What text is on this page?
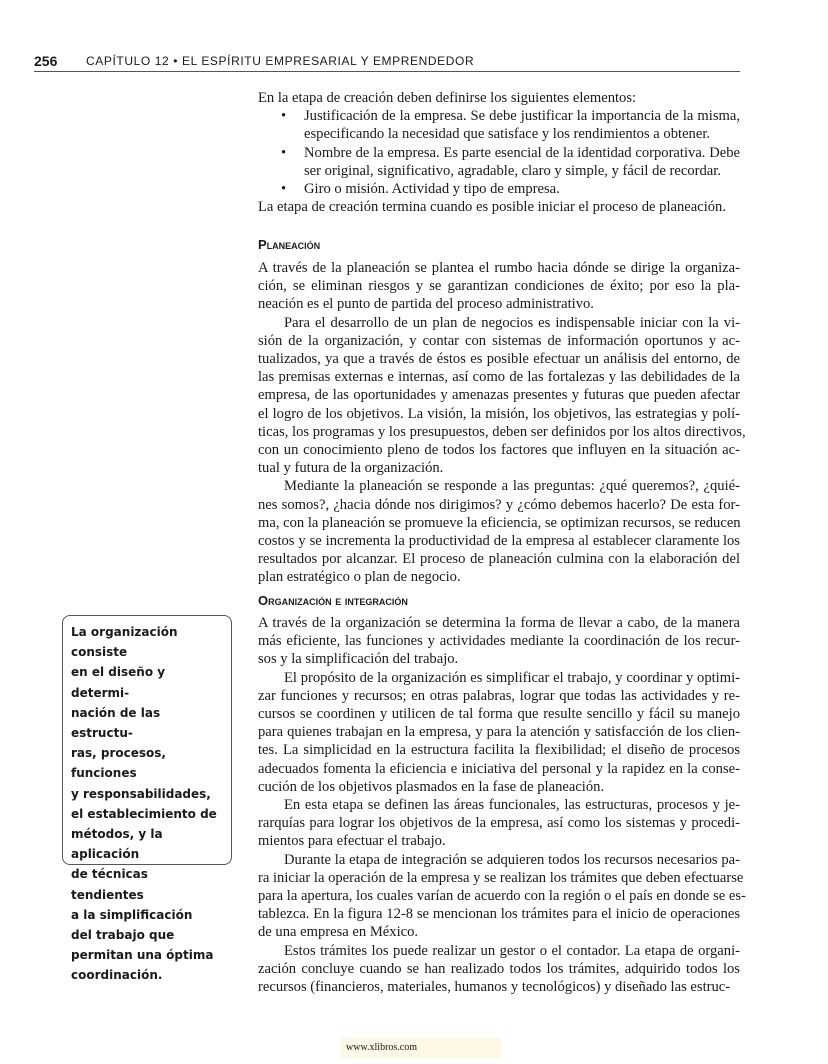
256 CAPÍTULO 12 • EL ESPÍRITU EMPRESARIAL Y EMPRENDEDOR
En la etapa de creación deben definirse los siguientes elementos:
•	Justificación de la empresa. Se debe justificar la importancia de la misma,
especificando la necesidad que satisface y los rendimientos a obtener.
•	Nombre de la empresa. Es parte esencial de la identidad corporativa. Debe
ser original, significativo, agradable, claro y simple, y fácil de recordar.
•	Giro o misión. Actividad y tipo de empresa.
La etapa de creación termina cuando es posible iniciar el proceso de planeación.
Planeación
A través de la planeación se plantea el rumbo hacia dónde se dirige la organiza-
ción, se eliminan riesgos y se garantizan condiciones de éxito; por eso la pla-
neación es el punto de partida del proceso administrativo.
Para el desarrollo de un plan de negocios es indispensable iniciar con la vi-
sión de la organización, y contar con sistemas de información oportunos y ac-
tualizados, ya que a través de éstos es posible efectuar un análisis del entorno, de
las premisas externas e internas, así como de las fortalezas y las debilidades de la
empresa, de las oportunidades y amenazas presentes y futuras que pueden afectar
el logro de los objetivos. La visión, la misión, los objetivos, las estrategias y polí-
ticas, los programas y los presupuestos, deben ser definidos por los altos directivos,
con un conocimiento pleno de todos los factores que influyen en la situación ac-
tual y futura de la organización.
Mediante la planeación se responde a las preguntas: ¿qué queremos?, ¿quié-
nes somos?, ¿hacia dónde nos dirigimos? y ¿cómo debemos hacerlo? De esta for-
ma, con la planeación se promueve la eficiencia, se optimizan recursos, se reducen
costos y se incrementa la productividad de la empresa al establecer claramente los
resultados por alcanzar. El proceso de planeación culmina con la elaboración del
plan estratégico o plan de negocio.
Organización e integración
A través de la organización se determina la forma de llevar a cabo, de la manera
más eficiente, las funciones y actividades mediante la coordinación de los recur-
sos y la simplificación del trabajo.
El propósito de la organización es simplificar el trabajo, y coordinar y optimi-
zar funciones y recursos; en otras palabras, lograr que todas las actividades y re-
cursos se coordinen y utilicen de tal forma que resulte sencillo y fácil su manejo
para quienes trabajan en la empresa, y para la atención y satisfacción de los clien-
tes. La simplicidad en la estructura facilita la flexibilidad; el diseño de procesos
adecuados fomenta la eficiencia e iniciativa del personal y la rapidez en la conse-
cución de los objetivos plasmados en la fase de planeación.
En esta etapa se definen las áreas funcionales, las estructuras, procesos y je-
rarquías para lograr los objetivos de la empresa, así como los sistemas y procedi-
mientos para efectuar el trabajo.
Durante la etapa de integración se adquieren todos los recursos necesarios pa-
ra iniciar la operación de la empresa y se realizan los trámites que deben efectuarse
para la apertura, los cuales varían de acuerdo con la región o el país en donde se es-
tablezca. En la figura 12-8 se mencionan los trámites para el inicio de operaciones
de una empresa en México.
Estos trámites los puede realizar un gestor o el contador. La etapa de organi-
zación concluye cuando se han realizado todos los trámites, adquirido todos los
recursos (financieros, materiales, humanos y tecnológicos) y diseñado las estruc-
La organización consiste
en el diseño y determi-
nación de las estructu-
ras, procesos, funciones
y responsabilidades,
el establecimiento de
métodos, y la aplicación
de técnicas tendientes
a la simplificación
del trabajo que
permitan una óptima
coordinación.
www.xlibros.com
